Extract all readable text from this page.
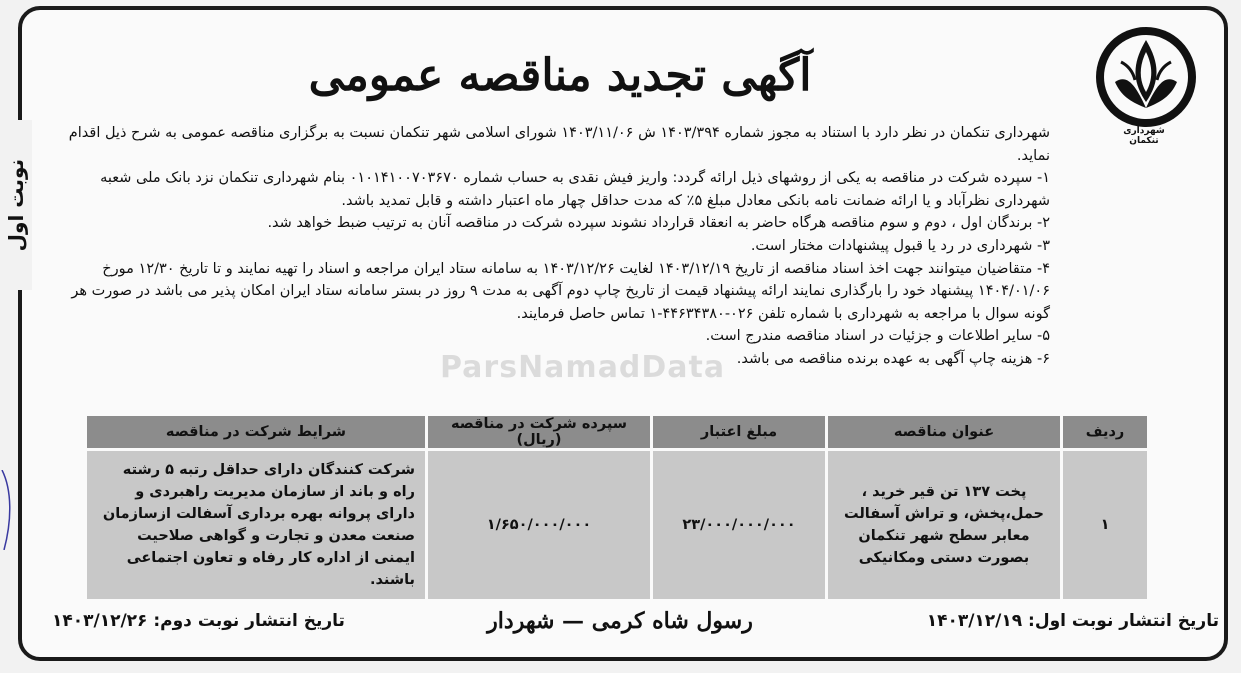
نوبت اول
شهرداری تنکمان
آگهی تجدید مناقصه عمومی
ParsNamadData

شهرداری تنکمان در نظر دارد با استناد به مجوز شماره ۱۴۰۳/۳۹۴ ش ۱۴۰۳/۱۱/۰۶ شورای اسلامی شهر تنکمان نسبت به برگزاری مناقصه عمومی به شرح ذیل اقدام نماید.

۱- سپرده شرکت در مناقصه به یکی از روشهای ذیل ارائه گردد: واریز فیش نقدی به حساب شماره ۰۱۰۱۴۱۰۰۷۰۳۶۷۰ بنام شهرداری تنکمان نزد بانک ملی شعبه شهرداری نظرآباد و یا ارائه ضمانت نامه بانکی معادل مبلغ ۵٪ که مدت حداقل چهار ماه اعتبار داشته و قابل تمدید باشد.

۲- برندگان اول ، دوم و سوم مناقصه هرگاه حاضر به انعقاد قرارداد نشوند سپرده شرکت در مناقصه آنان به ترتیب ضبط خواهد شد.

۳- شهرداری در رد یا قبول پیشنهادات مختار است.

۴- متقاضیان میتوانند جهت اخذ اسناد مناقصه از تاریخ ۱۴۰۳/۱۲/۱۹ لغایت ۱۴۰۳/۱۲/۲۶ به سامانه ستاد ایران مراجعه و اسناد را تهیه نمایند و تا تاریخ ۱۲/۳۰ مورخ ۱۴۰۴/۰۱/۰۶ پیشنهاد خود را بارگذاری نمایند ارائه پیشنهاد قیمت از تاریخ چاپ دوم آگهی به مدت ۹ روز در بستر سامانه ستاد ایران امکان پذیر می باشد در صورت هر گونه سوال با مراجعه به شهرداری با شماره تلفن ۰۲۶-۴۴۶۳۴۳۸۰-۱ تماس حاصل فرمایند.

۵- سایر اطلاعات و جزئیات در اسناد مناقصه مندرج است.

۶- هزینه چاپ آگهی به عهده برنده مناقصه می باشد.

ردیف	عنوان مناقصه	مبلغ اعتبار	سپرده شرکت در مناقصه (ریال)	شرایط شرکت در مناقصه
۱	پخت ۱۳۷ تن قیر خرید ، حمل،پخش، و تراش آسفالت معابر سطح شهر تنکمان بصورت دستی ومکانیکی	۲۳/۰۰۰/۰۰۰/۰۰۰	۱/۶۵۰/۰۰۰/۰۰۰	شرکت کنندگان دارای حداقل رتبه ۵ رشته راه و باند از سازمان مدیریت راهبردی و دارای پروانه بهره برداری آسفالت ازسازمان صنعت معدن و تجارت و گواهی صلاحیت ایمنی از اداره کار رفاه و تعاون اجتماعی باشند.
تاریخ انتشار نوبت اول: ۱۴۰۳/۱۲/۱۹
رسول شاه کرمی — شهردار
تاریخ انتشار نوبت دوم: ۱۴۰۳/۱۲/۲۶
